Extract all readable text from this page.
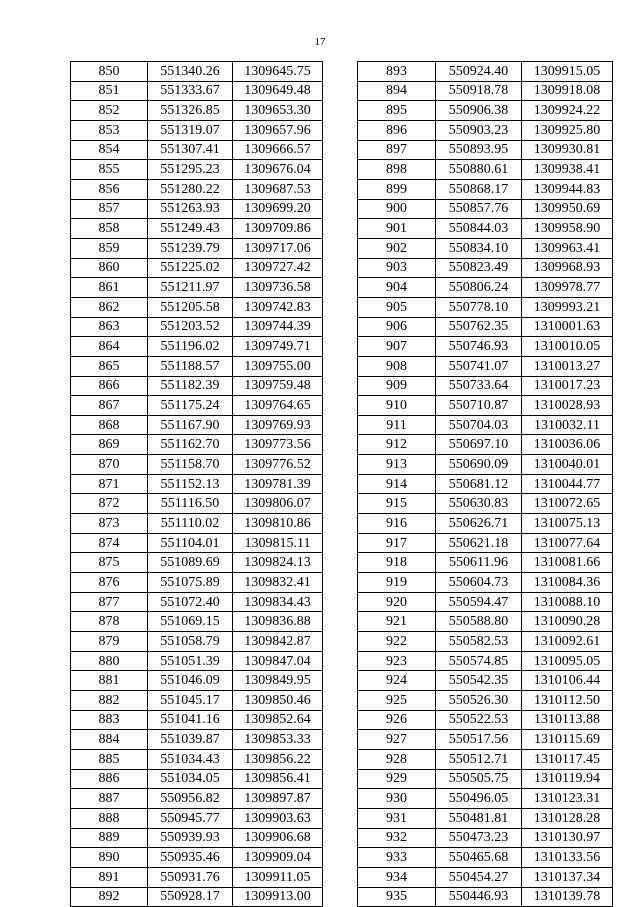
17
850	551340.26	1309645.75
851	551333.67	1309649.48
852	551326.85	1309653.30
853	551319.07	1309657.96
854	551307.41	1309666.57
855	551295.23	1309676.04
856	551280.22	1309687.53
857	551263.93	1309699.20
858	551249.43	1309709.86
859	551239.79	1309717.06
860	551225.02	1309727.42
861	551211.97	1309736.58
862	551205.58	1309742.83
863	551203.52	1309744.39
864	551196.02	1309749.71
865	551188.57	1309755.00
866	551182.39	1309759.48
867	551175.24	1309764.65
868	551167.90	1309769.93
869	551162.70	1309773.56
870	551158.70	1309776.52
871	551152.13	1309781.39
872	551116.50	1309806.07
873	551110.02	1309810.86
874	551104.01	1309815.11
875	551089.69	1309824.13
876	551075.89	1309832.41
877	551072.40	1309834.43
878	551069.15	1309836.88
879	551058.79	1309842.87
880	551051.39	1309847.04
881	551046.09	1309849.95
882	551045.17	1309850.46
883	551041.16	1309852.64
884	551039.87	1309853.33
885	551034.43	1309856.22
886	551034.05	1309856.41
887	550956.82	1309897.87
888	550945.77	1309903.63
889	550939.93	1309906.68
890	550935.46	1309909.04
891	550931.76	1309911.05
892	550928.17	1309913.00
893	550924.40	1309915.05
894	550918.78	1309918.08
895	550906.38	1309924.22
896	550903.23	1309925.80
897	550893.95	1309930.81
898	550880.61	1309938.41
899	550868.17	1309944.83
900	550857.76	1309950.69
901	550844.03	1309958.90
902	550834.10	1309963.41
903	550823.49	1309968.93
904	550806.24	1309978.77
905	550778.10	1309993.21
906	550762.35	1310001.63
907	550746.93	1310010.05
908	550741.07	1310013.27
909	550733.64	1310017.23
910	550710.87	1310028.93
911	550704.03	1310032.11
912	550697.10	1310036.06
913	550690.09	1310040.01
914	550681.12	1310044.77
915	550630.83	1310072.65
916	550626.71	1310075.13
917	550621.18	1310077.64
918	550611.96	1310081.66
919	550604.73	1310084.36
920	550594.47	1310088.10
921	550588.80	1310090.28
922	550582.53	1310092.61
923	550574.85	1310095.05
924	550542.35	1310106.44
925	550526.30	1310112.50
926	550522.53	1310113.88
927	550517.56	1310115.69
928	550512.71	1310117.45
929	550505.75	1310119.94
930	550496.05	1310123.31
931	550481.81	1310128.28
932	550473.23	1310130.97
933	550465.68	1310133.56
934	550454.27	1310137.34
935	550446.93	1310139.78
